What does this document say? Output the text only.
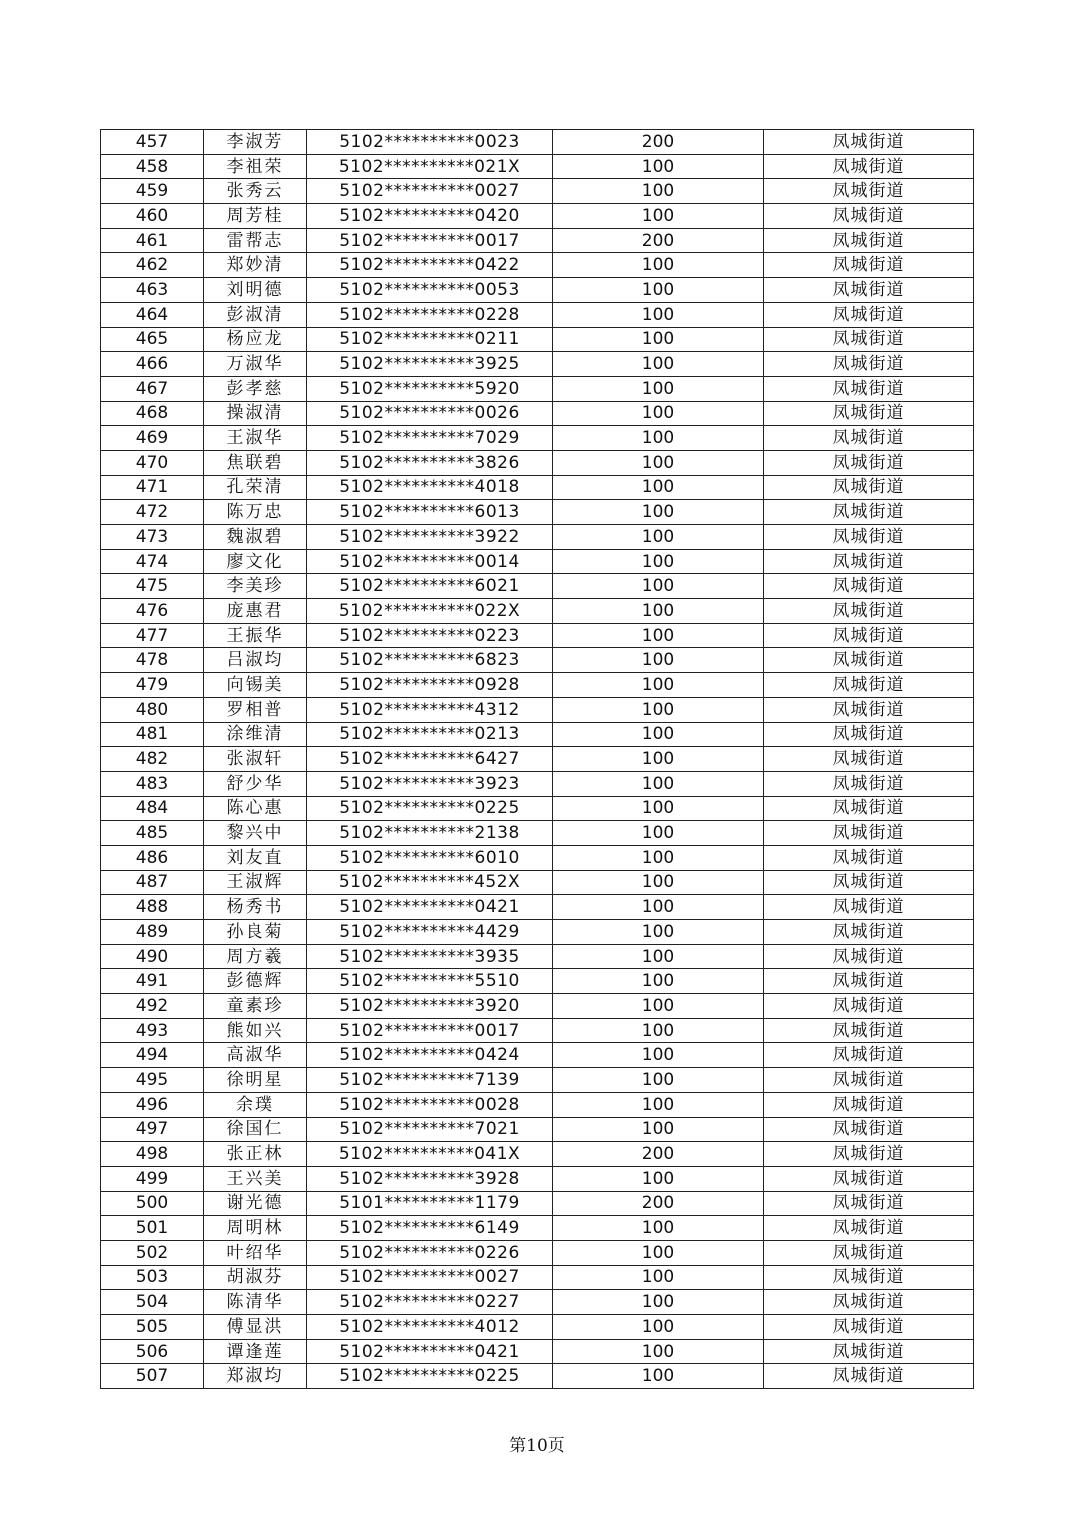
457	李淑芳	5102**********0023	200	凤城街道
458	李祖荣	5102**********021X	100	凤城街道
459	张秀云	5102**********0027	100	凤城街道
460	周芳桂	5102**********0420	100	凤城街道
461	雷帮志	5102**********0017	200	凤城街道
462	郑妙清	5102**********0422	100	凤城街道
463	刘明德	5102**********0053	100	凤城街道
464	彭淑清	5102**********0228	100	凤城街道
465	杨应龙	5102**********0211	100	凤城街道
466	万淑华	5102**********3925	100	凤城街道
467	彭孝慈	5102**********5920	100	凤城街道
468	操淑清	5102**********0026	100	凤城街道
469	王淑华	5102**********7029	100	凤城街道
470	焦联碧	5102**********3826	100	凤城街道
471	孔荣清	5102**********4018	100	凤城街道
472	陈万忠	5102**********6013	100	凤城街道
473	魏淑碧	5102**********3922	100	凤城街道
474	廖文化	5102**********0014	100	凤城街道
475	李美珍	5102**********6021	100	凤城街道
476	庞惠君	5102**********022X	100	凤城街道
477	王振华	5102**********0223	100	凤城街道
478	吕淑均	5102**********6823	100	凤城街道
479	向锡美	5102**********0928	100	凤城街道
480	罗相普	5102**********4312	100	凤城街道
481	涂维清	5102**********0213	100	凤城街道
482	张淑轩	5102**********6427	100	凤城街道
483	舒少华	5102**********3923	100	凤城街道
484	陈心惠	5102**********0225	100	凤城街道
485	黎兴中	5102**********2138	100	凤城街道
486	刘友直	5102**********6010	100	凤城街道
487	王淑辉	5102**********452X	100	凤城街道
488	杨秀书	5102**********0421	100	凤城街道
489	孙良菊	5102**********4429	100	凤城街道
490	周方羲	5102**********3935	100	凤城街道
491	彭德辉	5102**********5510	100	凤城街道
492	童素珍	5102**********3920	100	凤城街道
493	熊如兴	5102**********0017	100	凤城街道
494	高淑华	5102**********0424	100	凤城街道
495	徐明星	5102**********7139	100	凤城街道
496	余璞	5102**********0028	100	凤城街道
497	徐国仁	5102**********7021	100	凤城街道
498	张正林	5102**********041X	200	凤城街道
499	王兴美	5102**********3928	100	凤城街道
500	谢光德	5101**********1179	200	凤城街道
501	周明林	5102**********6149	100	凤城街道
502	叶绍华	5102**********0226	100	凤城街道
503	胡淑芬	5102**********0027	100	凤城街道
504	陈清华	5102**********0227	100	凤城街道
505	傅显洪	5102**********4012	100	凤城街道
506	谭逢莲	5102**********0421	100	凤城街道
507	郑淑均	5102**********0225	100	凤城街道
第10页
